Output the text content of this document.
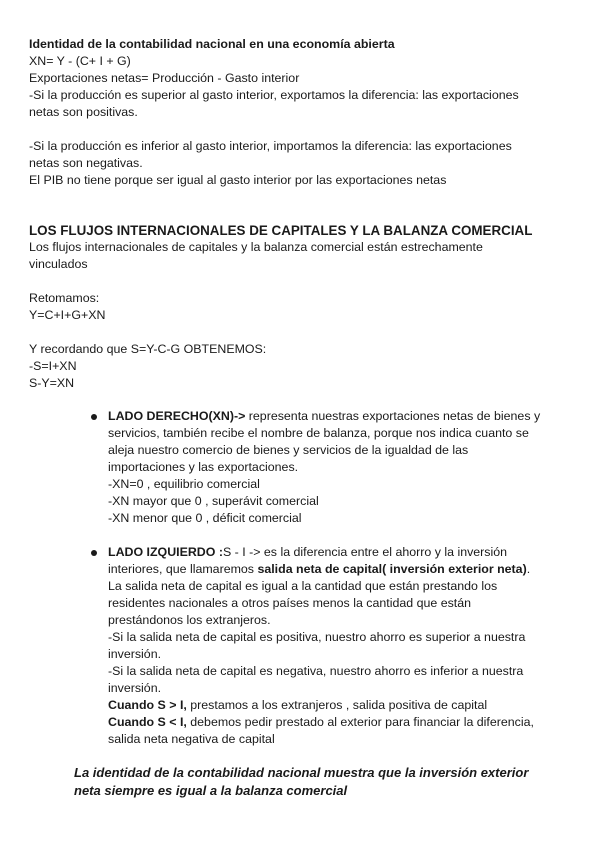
Identidad de la contabilidad nacional en una economía abierta
XN= Y - (C+ I + G)
Exportaciones netas= Producción - Gasto interior
-Si la producción es superior al gasto interior, exportamos la diferencia: las exportaciones
netas son positivas.

-Si la producción es inferior al gasto interior, importamos la diferencia: las exportaciones
netas son negativas.
El PIB no tiene porque ser igual al gasto interior por las exportaciones netas
LOS FLUJOS INTERNACIONALES DE CAPITALES Y LA BALANZA COMERCIAL
Los flujos internacionales de capitales y la balanza comercial están estrechamente
vinculados

Retomamos:
Y=C+I+G+XN

Y recordando que S=Y-C-G OBTENEMOS:
-S=I+XN
S-Y=XN
LADO DERECHO(XN)-> representa nuestras exportaciones netas de bienes y
servicios, también recibe el nombre de balanza, porque nos indica cuanto se
aleja nuestro comercio de bienes y servicios de la igualdad de las
importaciones y las exportaciones.
-XN=0 , equilibrio comercial
-XN mayor que 0 , superávit comercial
-XN menor que 0 , déficit comercial
LADO IZQUIERDO :S - I -> es la diferencia entre el ahorro y la inversión
interiores, que llamaremos salida neta de capital( inversión exterior neta).
La salida neta de capital es igual a la cantidad que están prestando los
residentes nacionales a otros países menos la cantidad que están
prestándonos los extranjeros.
-Si la salida neta de capital es positiva, nuestro ahorro es superior a nuestra
inversión.
-Si la salida neta de capital es negativa, nuestro ahorro es inferior a nuestra
inversión.
Cuando S > I, prestamos a los extranjeros , salida positiva de capital
Cuando S < I, debemos pedir prestado al exterior para financiar la diferencia,
salida neta negativa de capital
La identidad de la contabilidad nacional muestra que la inversión exterior
neta siempre es igual a la balanza comercial
